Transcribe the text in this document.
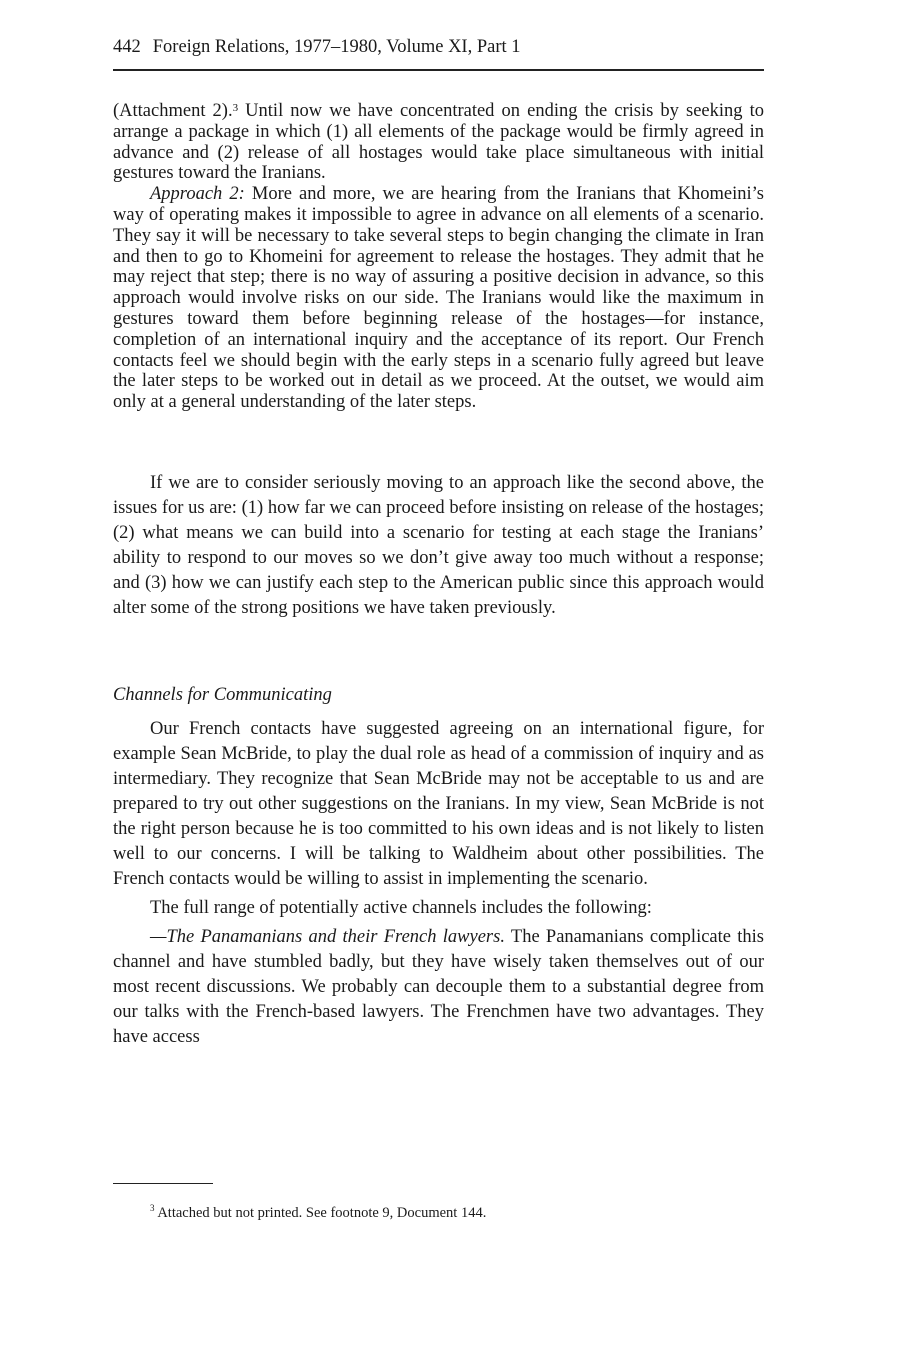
442 Foreign Relations, 1977–1980, Volume XI, Part 1

(Attachment 2).$^3$ Until now we have concentrated on ending the crisis by seeking to arrange a package in which (1) all elements of the package would be firmly agreed in advance and (2) release of all hostages would take place simultaneous with initial gestures toward the Iranians.

Approach 2: More and more, we are hearing from the Iranians that Khomeini’s way of operating makes it impossible to agree in advance on all elements of a scenario. They say it will be necessary to take several steps to begin changing the climate in Iran and then to go to Khomeini for agreement to release the hostages. They admit that he may reject that step; there is no way of assuring a positive decision in advance, so this approach would involve risks on our side. The Iranians would like the maximum in gestures toward them before beginning release of the hostages—for instance, completion of an international inquiry and the acceptance of its report. Our French contacts feel we should begin with the early steps in a scenario fully agreed but leave the later steps to be worked out in detail as we proceed. At the outset, we would aim only at a general understanding of the later steps.

If we are to consider seriously moving to an approach like the second above, the issues for us are: (1) how far we can proceed before insisting on release of the hostages; (2) what means we can build into a scenario for testing at each stage the Iranians’ ability to respond to our moves so we don’t give away too much without a response; and (3) how we can justify each step to the American public since this approach would alter some of the strong positions we have taken previously.

Channels for Communicating

Our French contacts have suggested agreeing on an international figure, for example Sean McBride, to play the dual role as head of a commission of inquiry and as intermediary. They recognize that Sean McBride may not be acceptable to us and are prepared to try out other suggestions on the Iranians. In my view, Sean McBride is not the right person because he is too committed to his own ideas and is not likely to listen well to our concerns. I will be talking to Waldheim about other possibilities. The French contacts would be willing to assist in implementing the scenario.

The full range of potentially active channels includes the following:

—The Panamanians and their French lawyers. The Panamanians complicate this channel and have stumbled badly, but they have wisely taken themselves out of our most recent discussions. We probably can decouple them to a substantial degree from our talks with the French-based lawyers. The Frenchmen have two advantages. They have access

$^3$ Attached but not printed. See footnote 9, Document 144.
